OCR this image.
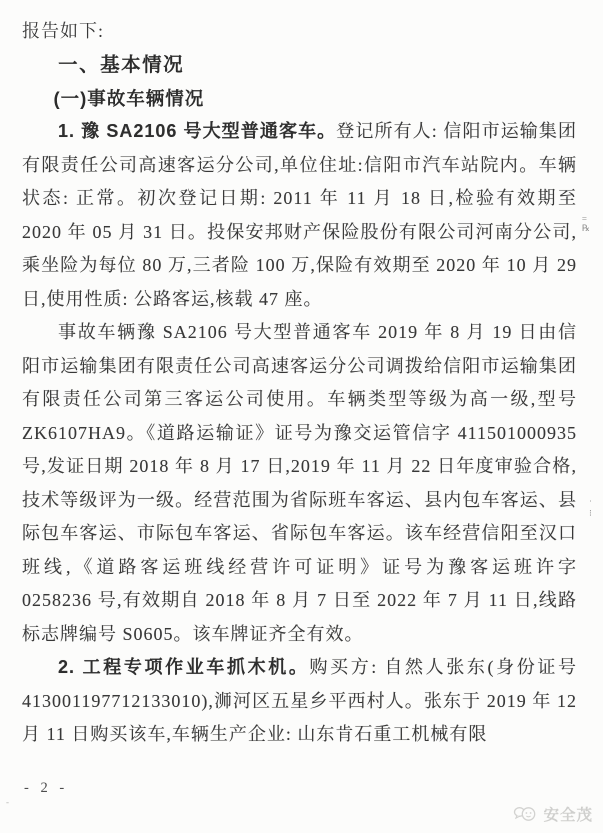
报告如下:

一、基本情况
(一)事故车辆情况

1. 豫 SA2106 号大型普通客车。登记所有人: 信阳市运输集团有限责任公司高速客运分公司,单位住址:信阳市汽车站院内。车辆状态: 正常。初次登记日期: 2011 年 11 月 18 日,检验有效期至 2020 年 05 月 31 日。投保安邦财产保险股份有限公司河南分公司,乘坐险为每位 80 万,三者险 100 万,保险有效期至 2020 年 10 月 29 日,使用性质: 公路客运,核载 47 座。

事故车辆豫 SA2106 号大型普通客车 2019 年 8 月 19 日由信阳市运输集团有限责任公司高速客运分公司调拨给信阳市运输集团有限责任公司第三客运公司使用。车辆类型等级为高一级,型号 ZK6107HA9。《道路运输证》证号为豫交运管信字 411501000935 号,发证日期 2018 年 8 月 17 日,2019 年 11 月 22 日年度审验合格,技术等级评为一级。经营范围为省际班车客运、县内包车客运、县际包车客运、市际包车客运、省际包车客运。该车经营信阳至汉口班线,《道路客运班线经营许可证明》证号为豫客运班许字 0258236 号,有效期自 2018 年 8 月 7 日至 2022 年 7 月 11 日,线路标志牌编号 S0605。该车牌证齐全有效。

2. 工程专项作业车抓木机。购买方: 自然人张东(身份证号 413001197712133010),浉河区五星乡平西村人。张东于 2019 年 12 月 11 日购买该车,车辆生产企业: 山东肯石重工机械有限

- 2 -
安全茂
=
℞
ʾ
⁝
-
